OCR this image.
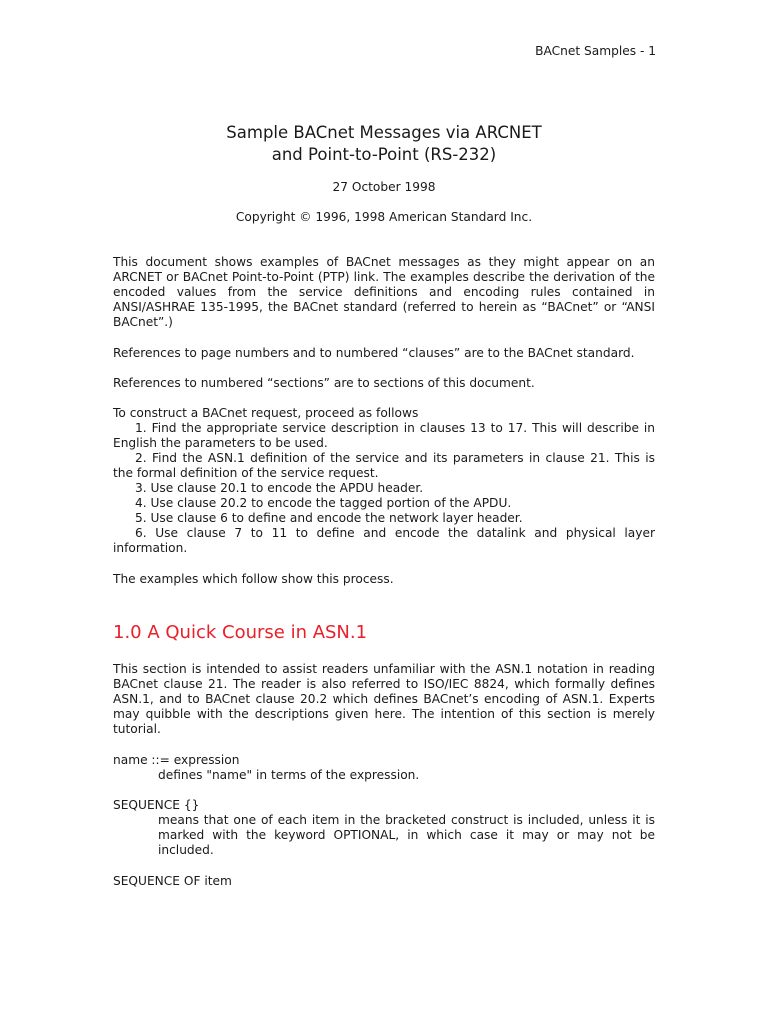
BACnet Samples - 1
Sample BACnet Messages via ARCNET
and Point-to-Point (RS-232)
27 October 1998
Copyright © 1996, 1998 American Standard Inc.

This document shows examples of BACnet messages as they might appear on an ARCNET or BACnet Point-to-Point (PTP) link. The examples describe the derivation of the encoded values from the service definitions and encoding rules contained in ANSI/ASHRAE 135-1995, the BACnet standard (referred to herein as “BACnet” or “ANSI BACnet”.)

References to page numbers and to numbered “clauses” are to the BACnet standard.

References to numbered “sections” are to sections of this document.

To construct a BACnet request, proceed as follows

1. Find the appropriate service description in clauses 13 to 17. This will describe in English the parameters to be used.

2. Find the ASN.1 definition of the service and its parameters in clause 21. This is the formal definition of the service request.

3. Use clause 20.1 to encode the APDU header.

4. Use clause 20.2 to encode the tagged portion of the APDU.

5. Use clause 6 to define and encode the network layer header.

6. Use clause 7 to 11 to define and encode the datalink and physical layer information.

The examples which follow show this process.

1.0 A Quick Course in ASN.1

This section is intended to assist readers unfamiliar with the ASN.1 notation in reading BACnet clause 21. The reader is also referred to ISO/IEC 8824, which formally defines ASN.1, and to BACnet clause 20.2 which defines BACnet’s encoding of ASN.1. Experts may quibble with the descriptions given here. The intention of this section is merely tutorial.

name ::= expression

defines "name" in terms of the expression.

SEQUENCE {}

means that one of each item in the bracketed construct is included, unless it is marked with the keyword OPTIONAL, in which case it may or may not be included.

SEQUENCE OF item
